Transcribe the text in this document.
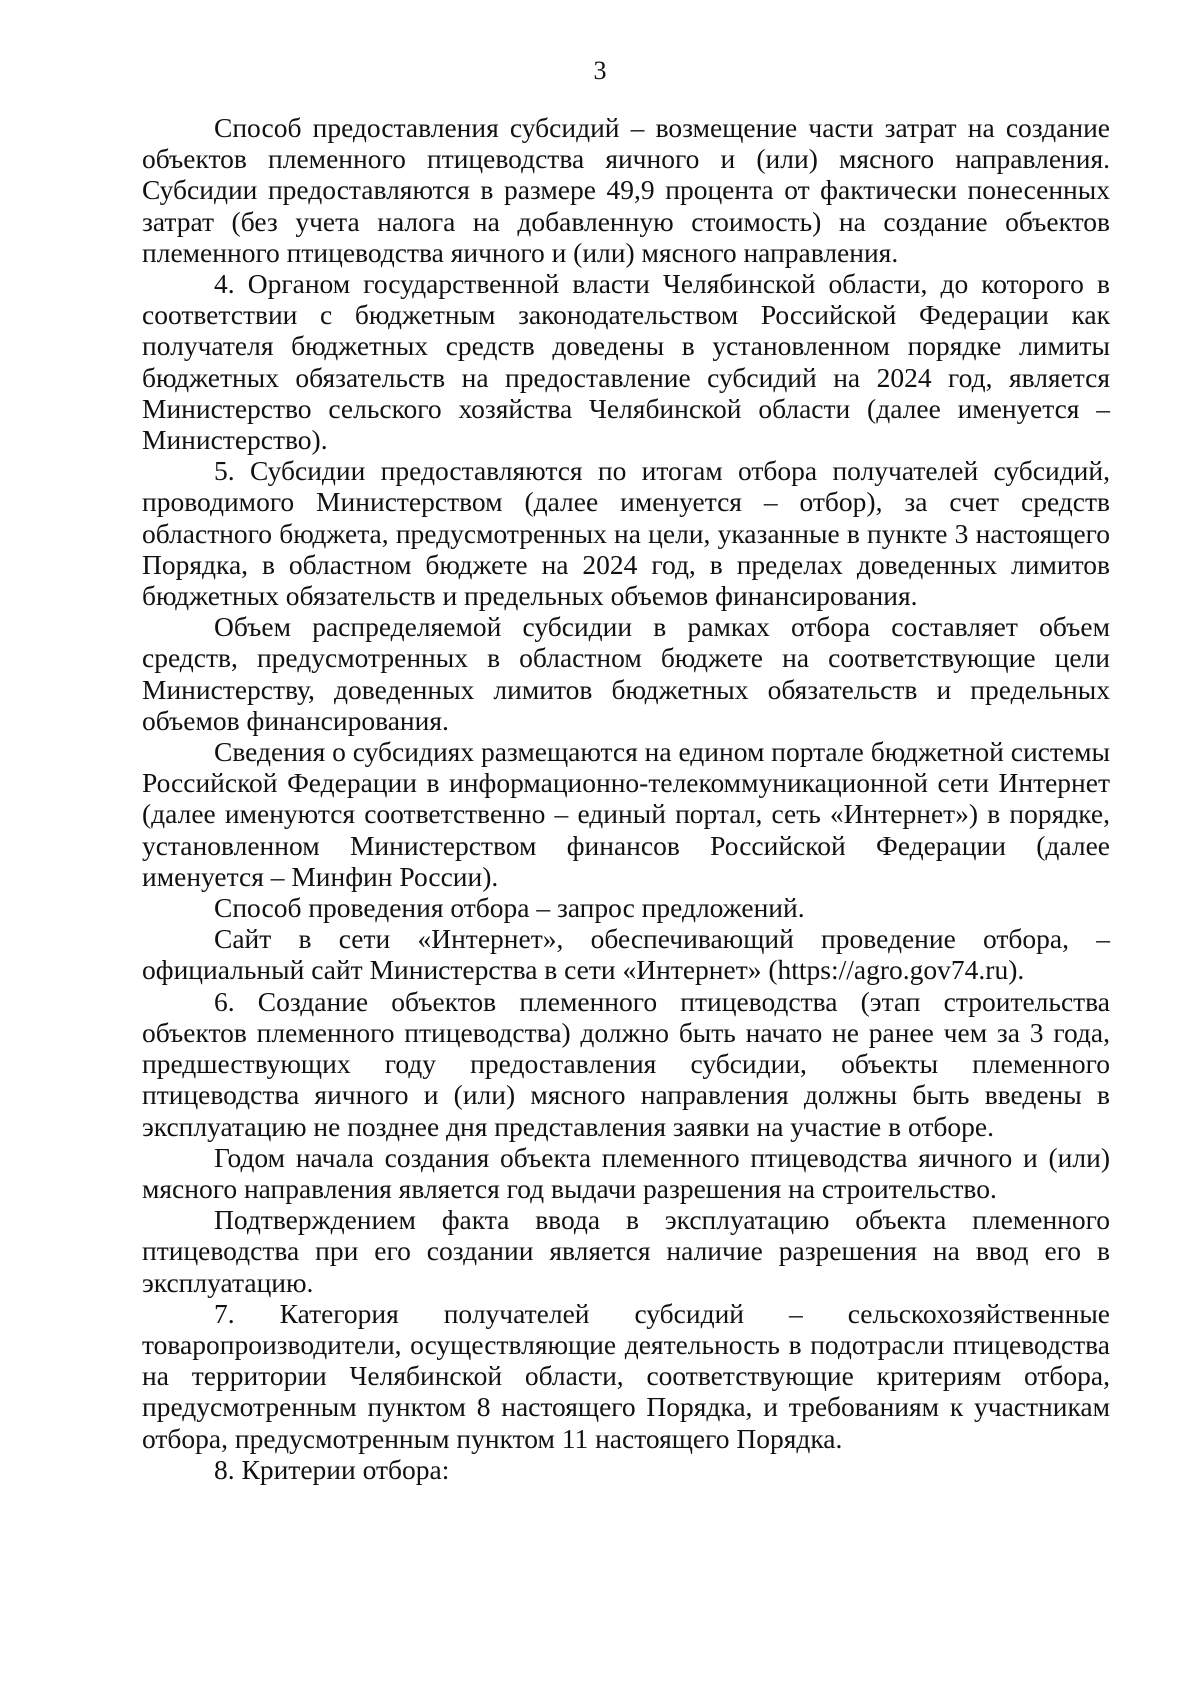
3

Способ предоставления субсидий – возмещение части затрат на создание объектов племенного птицеводства яичного и (или) мясного направления. Субсидии предоставляются в размере 49,9 процента от фактически понесенных затрат (без учета налога на добавленную стоимость) на создание объектов племенного птицеводства яичного и (или) мясного направления.

4. Органом государственной власти Челябинской области, до которого в соответствии с бюджетным законодательством Российской Федерации как получателя бюджетных средств доведены в установленном порядке лимиты бюджетных обязательств на предоставление субсидий на 2024 год, является Министерство сельского хозяйства Челябинской области (далее именуется – Министерство).

5. Субсидии предоставляются по итогам отбора получателей субсидий, проводимого Министерством (далее именуется – отбор), за счет средств областного бюджета, предусмотренных на цели, указанные в пункте 3 настоящего Порядка, в областном бюджете на 2024 год, в пределах доведенных лимитов бюджетных обязательств и предельных объемов финансирования.

Объем распределяемой субсидии в рамках отбора составляет объем средств, предусмотренных в областном бюджете на соответствующие цели Министерству, доведенных лимитов бюджетных обязательств и предельных объемов финансирования.

Сведения о субсидиях размещаются на едином портале бюджетной системы Российской Федерации в информационно-телекоммуникационной сети Интернет (далее именуются соответственно – единый портал, сеть «Интернет») в порядке, установленном Министерством финансов Российской Федерации (далее именуется – Минфин России).

Способ проведения отбора – запрос предложений.

Сайт в сети «Интернет», обеспечивающий проведение отбора, – официальный сайт Министерства в сети «Интернет» (https://agro.gov74.ru).

6. Создание объектов племенного птицеводства (этап строительства объектов племенного птицеводства) должно быть начато не ранее чем за 3 года, предшествующих году предоставления субсидии, объекты племенного птицеводства яичного и (или) мясного направления должны быть введены в эксплуатацию не позднее дня представления заявки на участие в отборе.

Годом начала создания объекта племенного птицеводства яичного и (или) мясного направления является год выдачи разрешения на строительство.

Подтверждением факта ввода в эксплуатацию объекта племенного птицеводства при его создании является наличие разрешения на ввод его в эксплуатацию.

7. Категория получателей субсидий – сельскохозяйственные товаропроизводители, осуществляющие деятельность в подотрасли птицеводства на территории Челябинской области, соответствующие критериям отбора, предусмотренным пунктом 8 настоящего Порядка, и требованиям к участникам отбора, предусмотренным пунктом 11 настоящего Порядка.

8. Критерии отбора:
